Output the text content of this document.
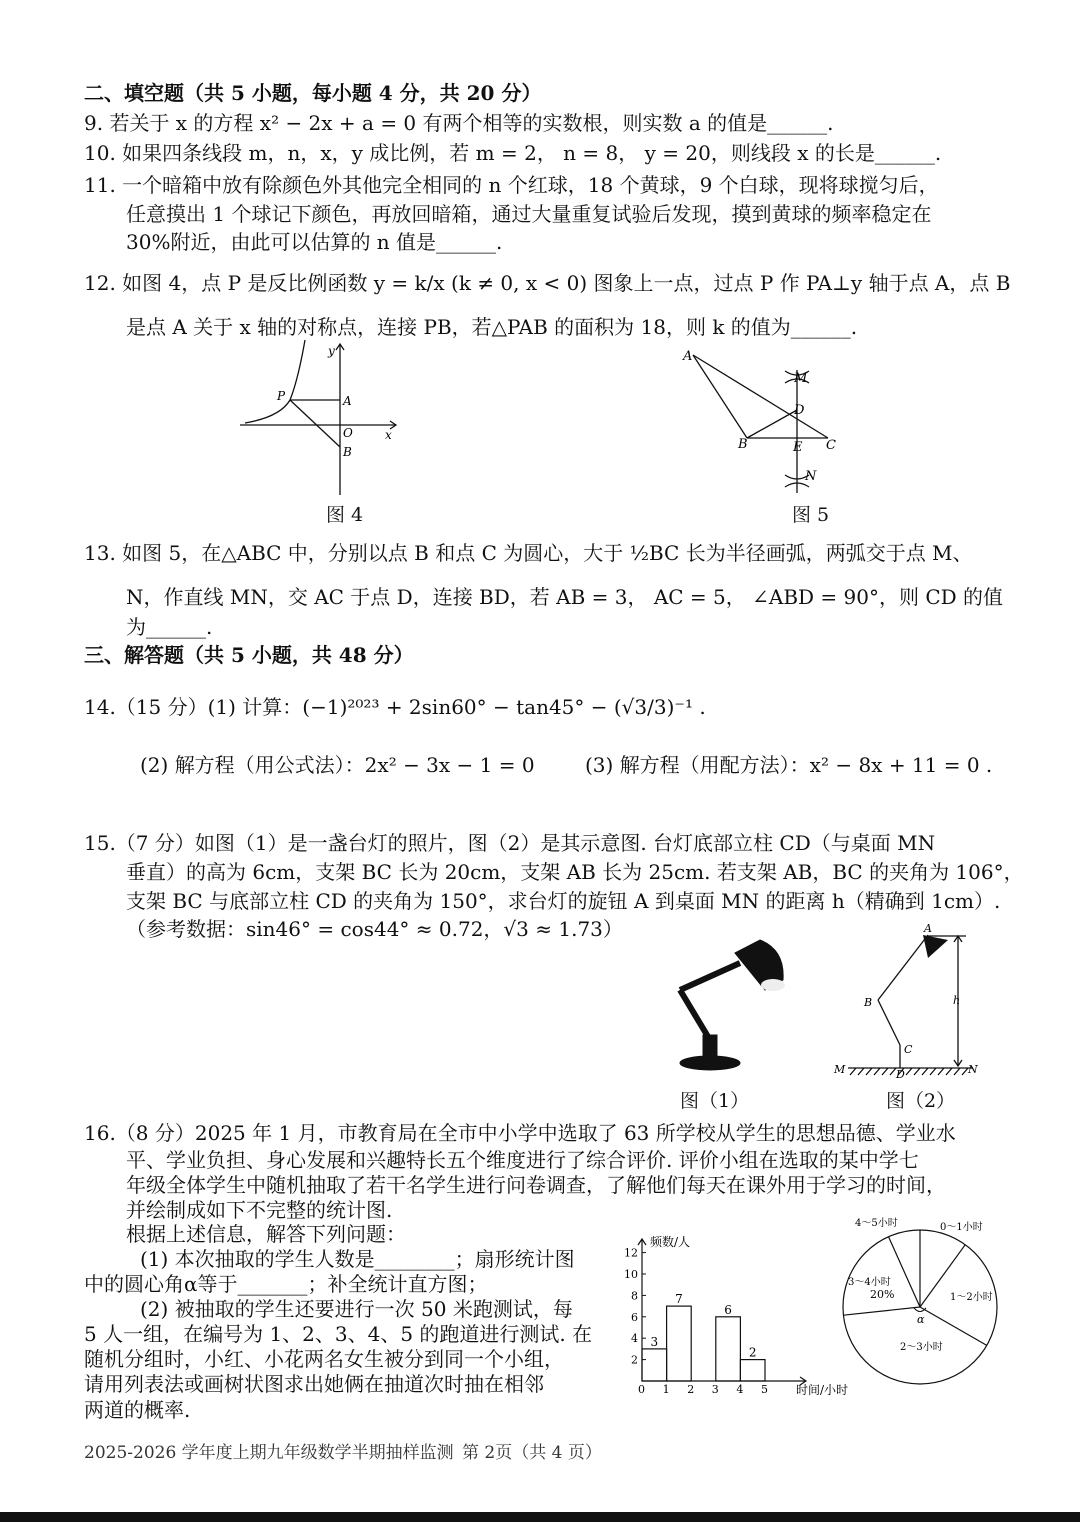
二、填空题（共 5 小题，每小题 4 分，共 20 分）
9. 若关于 x 的方程 x² − 2x + a = 0 有两个相等的实数根，则实数 a 的值是______.
10. 如果四条线段 m，n，x，y 成比例，若 m = 2， n = 8， y = 20，则线段 x 的长是______.
11. 一个暗箱中放有除颜色外其他完全相同的 n 个红球，18 个黄球，9 个白球，现将球搅匀后，
任意摸出 1 个球记下颜色，再放回暗箱，通过大量重复试验后发现，摸到黄球的频率稳定在
30%附近，由此可以估算的 n 值是______.
12. 如图 4，点 P 是反比例函数 y = k/x (k ≠ 0, x < 0) 图象上一点，过点 P 作 PA⊥y 轴于点 A，点 B
是点 A 关于 x 轴的对称点，连接 PB，若△PAB 的面积为 18，则 k 的值为______.
y
x
P	A
O
B
图 4
A
M
D
B	E C
N
图 5
13. 如图 5，在△ABC 中，分别以点 B 和点 C 为圆心，大于 ½BC 长为半径画弧，两弧交于点 M、
N，作直线 MN，交 AC 于点 D，连接 BD，若 AB = 3， AC = 5， ∠ABD = 90°，则 CD 的值
为______.
三、解答题（共 5 小题，共 48 分）
14.（15 分）(1) 计算：(−1)²⁰²³ + 2sin60° − tan45° − (√3/3)⁻¹ .
(2) 解方程（用公式法）：2x² − 3x − 1 = 0	(3) 解方程（用配方法）：x² − 8x + 11 = 0 .
15.（7 分）如图（1）是一盏台灯的照片，图（2）是其示意图. 台灯底部立柱 CD（与桌面 MN
垂直）的高为 6cm，支架 BC 长为 20cm，支架 AB 长为 25cm. 若支架 AB，BC 的夹角为 106°，
支架 BC 与底部立柱 CD 的夹角为 150°，求台灯的旋钮 A 到桌面 MN 的距离 h（精确到 1cm）.
（参考数据：sin46° = cos44° ≈ 0.72，√3 ≈ 1.73）
图（1）
A
B
C
D
M	N
h
图（2）
16.（8 分）2025 年 1 月，市教育局在全市中小学中选取了 63 所学校从学生的思想品德、学业水
平、学业负担、身心发展和兴趣特长五个维度进行了综合评价. 评价小组在选取的某中学七
年级全体学生中随机抽取了若干名学生进行问卷调查，了解他们每天在课外用于学习的时间，
并绘制成如下不完整的统计图.
根据上述信息，解答下列问题：
(1) 本次抽取的学生人数是________；扇形统计图
中的圆心角α等于_______；补全统计直方图；
(2) 被抽取的学生还要进行一次 50 米跑测试，每
5 人一组，在编号为 1、2、3、4、5 的跑道进行测试. 在
随机分组时，小红、小花两名女生被分到同一个小组，
请用列表法或画树状图求出她俩在抽道次时抽在相邻
两道的概率.
频数/人
时间/小时
0 1 2 3 4 5
2
4
6
8
10
12
3
7
6
2
0～1小时
1～2小时
2～3小时
3～4小时
4～5小时
20%
α
2025-2026 学年度上期九年级数学半期抽样监测 第 2页（共 4 页）
